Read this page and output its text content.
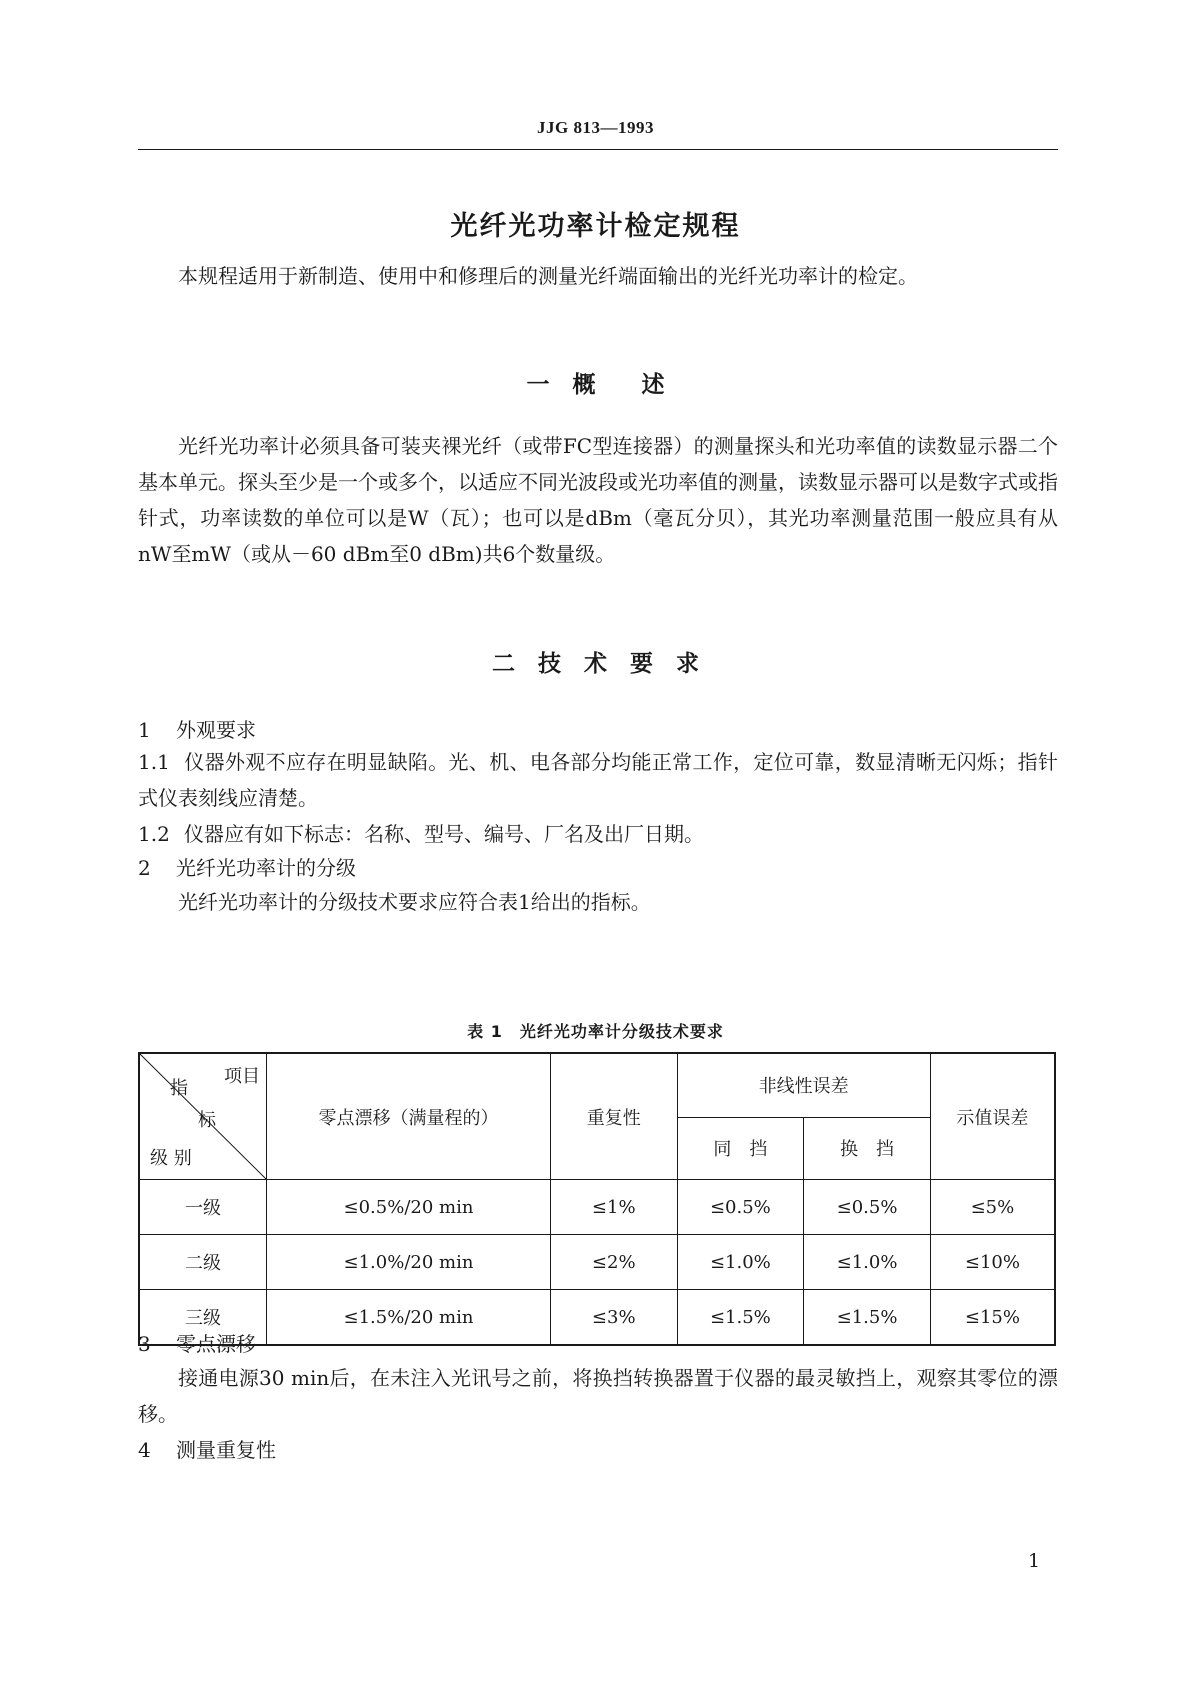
JJG 813—1993
光纤光功率计检定规程

本规程适用于新制造、使用中和修理后的测量光纤端面输出的光纤光功率计的检定。

一　概　　述

光纤光功率计必须具备可装夹裸光纤（或带FC型连接器）的测量探头和光功率值的读数显示器二个基本单元。探头至少是一个或多个，以适应不同光波段或光功率值的测量，读数显示器可以是数字式或指针式，功率读数的单位可以是W（瓦）；也可以是dBm（毫瓦分贝），其光功率测量范围一般应具有从nW至mW（或从－60 dBm至0 dBm)共6个数量级。

二　技　术　要　求

1 外观要求

1.1 仪器外观不应存在明显缺陷。光、机、电各部分均能正常工作，定位可靠，数显清晰无闪烁；指针式仪表刻线应清楚。

1.2 仪器应有如下标志：名称、型号、编号、厂名及出厂日期。

2 光纤光功率计的分级

光纤光功率计的分级技术要求应符合表1给出的指标。

表 1　光纤光功率计分级技术要求
项目
指
标
级 别	零点漂移（满量程的）	重复性	非线性误差		示值误差
			同　挡	换　挡	
一级	≤0.5%/20 min	≤1%	≤0.5%	≤0.5%	≤5%
二级	≤1.0%/20 min	≤2%	≤1.0%	≤1.0%	≤10%
三级	≤1.5%/20 min	≤3%	≤1.5%	≤1.5%	≤15%

3 零点漂移

接通电源30 min后，在未注入光讯号之前，将换挡转换器置于仪器的最灵敏挡上，观察其零位的漂移。

4 测量重复性

1
